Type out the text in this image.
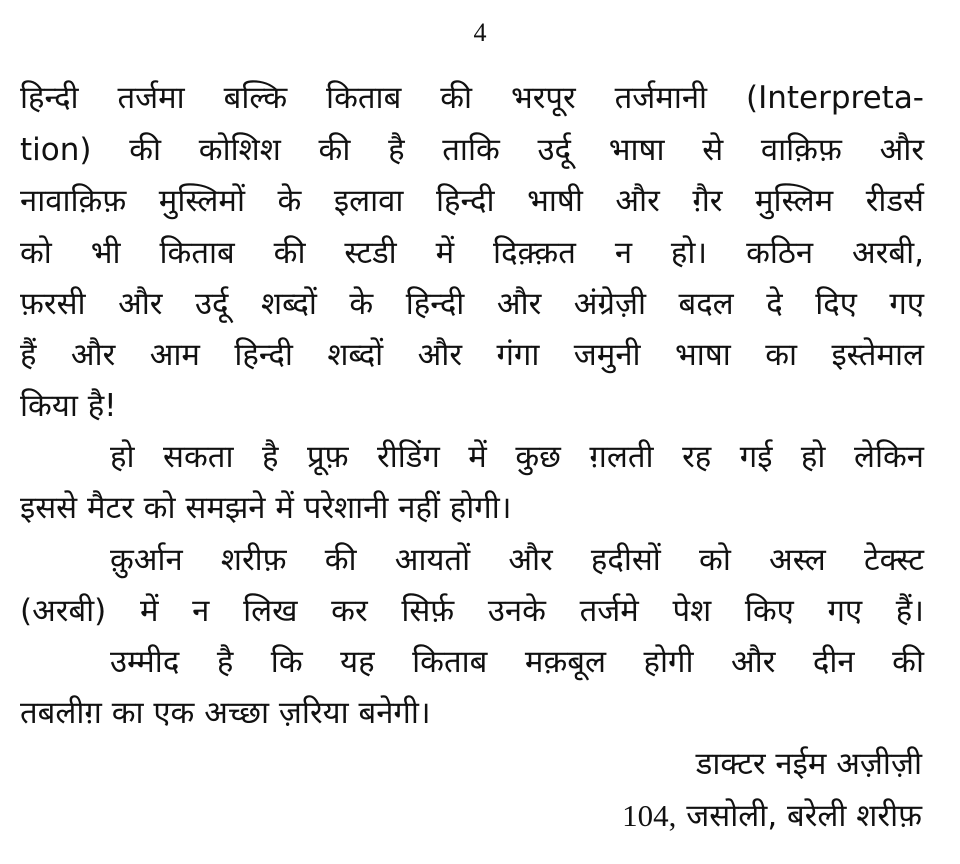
4
हिन्दी तर्जमा बल्कि किताब की भरपूर तर्जमानी (Interpreta-
tion) की कोशिश की है ताकि उर्दू भाषा से वाक़िफ़ और
नावाक़िफ़ मुस्लिमों के इलावा हिन्दी भाषी और ग़ैर मुस्लिम रीडर्स
को भी किताब की स्टडी में दिक़्क़त न हो। कठिन अरबी,
फ़रसी और उर्दू शब्दों के हिन्दी और अंग्रेज़ी बदल दे दिए गए
हैं और आम हिन्दी शब्दों और गंगा जमुनी भाषा का इस्तेमाल
किया है!
हो सकता है प्रूफ़ रीडिंग में कुछ ग़लती रह गई हो लेकिन
इससे मैटर को समझने में परेशानी नहीं होगी।
क़ुर्आन शरीफ़ की आयतों और हदीसों को अस्ल टेक्स्ट
(अरबी) में न लिख कर सिर्फ़ उनके तर्जमे पेश किए गए हैं।
उम्मीद है कि यह किताब मक़बूल होगी और दीन की
तबलीग़ का एक अच्छा ज़रिया बनेगी।
डाक्टर नईम अज़ीज़ी
104, जसोली, बरेली शरीफ़
